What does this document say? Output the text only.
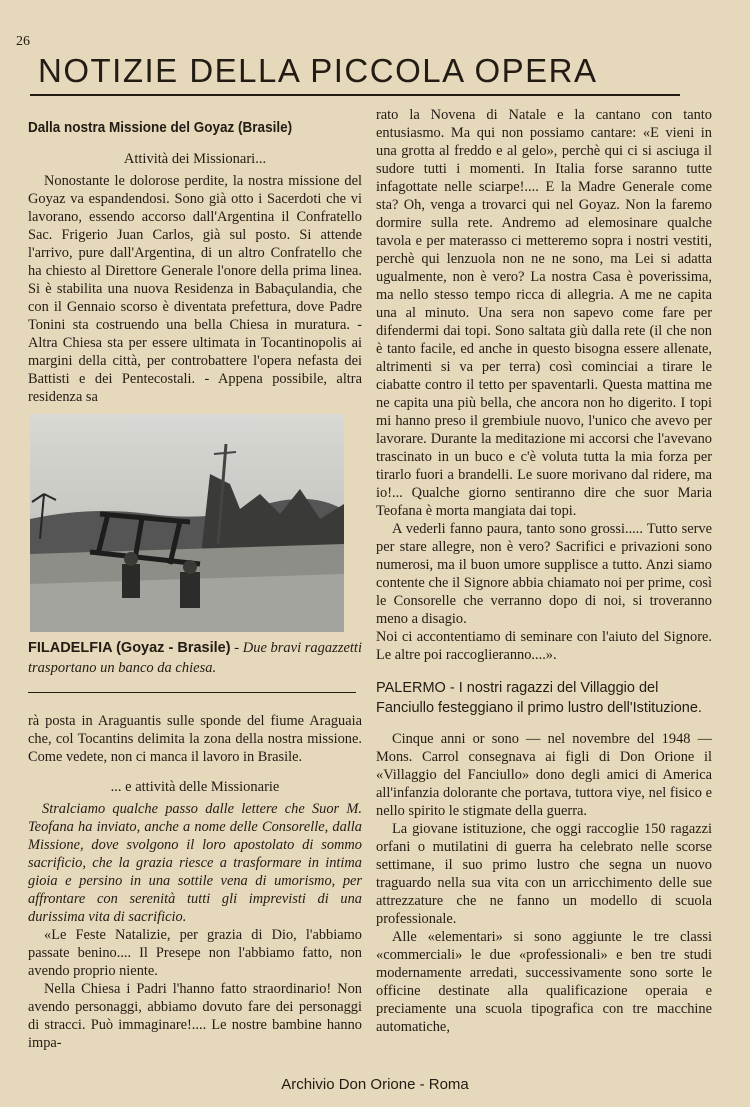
26
NOTIZIE DELLA PICCOLA OPERA
Dalla nostra Missione del Goyaz (Brasile)
Attività dei Missionari...

Nonostante le dolorose perdite, la nostra missione del Goyaz va espandendosi. Sono già otto i Sacerdoti che vi lavorano, essendo accorso dall'Argentina il Confratello Sac. Frigerio Juan Carlos, già sul posto. Si attende l'arrivo, pure dall'Argentina, di un altro Confratello che ha chiesto al Direttore Generale l'onore della prima linea. Si è stabilita una nuova Residenza in Babaçulandia, che con il Gennaio scorso è diventata prefettura, dove Padre Tonini sta costruendo una bella Chiesa in muratura. - Altra Chiesa sta per essere ultimata in Tocantinopolis ai margini della città, per controbattere l'opera nefasta dei Battisti e dei Pentecostali. - Appena possibile, altra residenza sa

FILADELFIA (Goyaz - Brasile) - Due bravi ragazzetti trasportano un banco da chiesa.

rà posta in Araguantis sulle sponde del fiume Araguaia che, col Tocantins delimita la zona della nostra missione. Come vedete, non ci manca il lavoro in Brasile.

... e attività delle Missionarie

Stralciamo qualche passo dalle lettere che Suor M. Teofana ha inviato, anche a nome delle Consorelle, dalla Missione, dove svolgono il loro apostolato di sommo sacrificio, che la grazia riesce a trasformare in intima gioia e persino in una sottile vena di umorismo, per affrontare con serenità tutti gli imprevisti di una durissima vita di sacrificio.

«Le Feste Natalizie, per grazia di Dio, l'abbiamo passate benino.... Il Presepe non l'abbiamo fatto, non avendo proprio niente.

Nella Chiesa i Padri l'hanno fatto straordinario! Non avendo personaggi, abbiamo dovuto fare dei personaggi di stracci. Può immaginare!.... Le nostre bambine hanno impa-

rato la Novena di Natale e la cantano con tanto entusiasmo. Ma qui non possiamo cantare: «E vieni in una grotta al freddo e al gelo», perchè qui ci si asciuga il sudore tutti i momenti. In Italia forse saranno tutte infagottate nelle sciarpe!.... E la Madre Generale come sta? Oh, venga a trovarci qui nel Goyaz. Non la faremo dormire sulla rete. Andremo ad elemosinare qualche tavola e per materasso ci metteremo sopra i nostri vestiti, perchè qui lenzuola non ne ne sono, ma Lei si adatta ugualmente, non è vero? La nostra Casa è poverissima, ma nello stesso tempo ricca di allegria. A me ne capita una al minuto. Una sera non sapevo come fare per difendermi dai topi. Sono saltata giù dalla rete (il che non è tanto facile, ed anche in questo bisogna essere allenate, altrimenti si va per terra) così cominciai a tirare le ciabatte contro il tetto per spaventarli. Questa mattina me ne capita una più bella, che ancora non ho digerito. I topi mi hanno preso il grembiule nuovo, l'unico che avevo per lavorare. Durante la meditazione mi accorsi che l'avevano trascinato in un buco e c'è voluta tutta la mia forza per tirarlo fuori a brandelli. Le suore morivano dal ridere, ma io!... Qualche giorno sentiranno dire che suor Maria Teofana è morta mangiata dai topi.

A vederli fanno paura, tanto sono grossi..... Tutto serve per stare allegre, non è vero? Sacrifici e privazioni sono numerosi, ma il buon umore supplisce a tutto. Anzi siamo contente che il Signore abbia chiamato noi per prime, così le Consorelle che verranno dopo di noi, si troveranno meno a disagio.

Noi ci accontentiamo di seminare con l'aiuto del Signore. Le altre poi raccoglieranno....».

PALERMO - I nostri ragazzi del Villaggio del Fanciullo festeggiano il primo lustro dell'Istituzione.

Cinque anni or sono — nel novembre del 1948 — Mons. Carrol consegnava ai figli di Don Orione il «Villaggio del Fanciullo» dono degli amici di America all'infanzia dolorante che portava, tuttora viye, nel fisico e nello spirito le stigmate della guerra.

La giovane istituzione, che oggi raccoglie 150 ragazzi orfani o mutilatini di guerra ha celebrato nelle scorse settimane, il suo primo lustro che segna un nuovo traguardo nella sua vita con un arricchimento delle sue attrezzature che ne fanno un modello di scuola professionale.

Alle «elementari» si sono aggiunte le tre classi «commerciali» le due «professionali» e ben tre studi modernamente arredati, successivamente sono sorte le officine destinate alla qualificazione operaia e preciamente una scuola tipografica con tre macchine automatiche,

Archivio Don Orione - Roma
